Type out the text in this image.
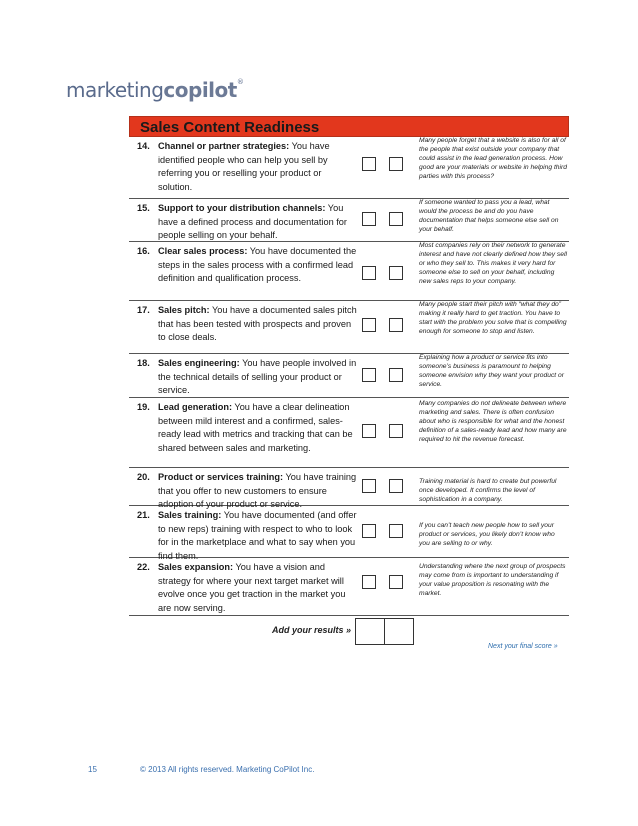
marketingcopilot®
Sales Content Readiness
14. Channel or partner strategies: You have identified people who can help you sell by referring you or reselling your product or solution.
Many people forget that a website is also for all of the people that exist outside your company that could assist in the lead generation process. How good are your materials or website in helping third parties with this process?
15. Support to your distribution channels: You have a defined process and documentation for people selling on your behalf.
If someone wanted to pass you a lead, what would the process be and do you have documentation that helps someone else sell on your behalf.
16. Clear sales process: You have documented the steps in the sales process with a confirmed lead definition and qualification process.
Most companies rely on their network to generate interest and have not clearly defined how they sell or who they sell to. This makes it very hard for someone else to sell on your behalf, including new sales reps to your company.
17. Sales pitch: You have a documented sales pitch that has been tested with prospects and proven to close deals.
Many people start their pitch with “what they do” making it really hard to get traction. You have to start with the problem you solve that is compelling enough for someone to stop and listen.
18. Sales engineering: You have people involved in the technical details of selling your product or service.
Explaining how a product or service fits into someone’s business is paramount to helping someone envision why they want your product or service.
19. Lead generation: You have a clear delineation between mild interest and a confirmed, sales-ready lead with metrics and tracking that can be shared between sales and marketing.
Many companies do not delineate between where marketing and sales. There is often confusion about who is responsible for what and the honest definition of a sales-ready lead and how many are required to hit the revenue forecast.
20. Product or services training: You have training that you offer to new customers to ensure adoption of your product or service.
Training material is hard to create but powerful once developed. It confirms the level of sophistication in a company.
21. Sales training: You have documented (and offer to new reps) training with respect to who to look for in the marketplace and what to say when you find them.
If you can’t teach new people how to sell your product or services, you likely don’t know who you are selling to or why.
22. Sales expansion: You have a vision and strategy for where your next target market will evolve once you get traction in the market you are now serving.
Understanding where the next group of prospects may come from is important to understanding if your value proposition is resonating with the market.
Add your results »
Next your final score »
15	© 2013 All rights reserved. Marketing CoPilot Inc.
